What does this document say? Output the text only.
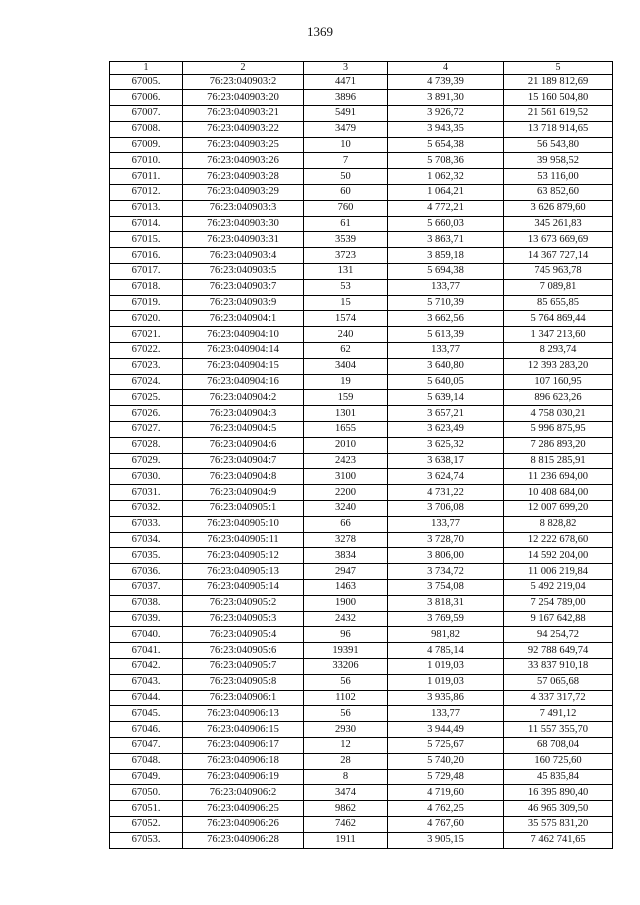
1369
1	2	3	4	5
67005.	76:23:040903:2	4471	4 739,39	21 189 812,69
67006.	76:23:040903:20	3896	3 891,30	15 160 504,80
67007.	76:23:040903:21	5491	3 926,72	21 561 619,52
67008.	76:23:040903:22	3479	3 943,35	13 718 914,65
67009.	76:23:040903:25	10	5 654,38	56 543,80
67010.	76:23:040903:26	7	5 708,36	39 958,52
67011.	76:23:040903:28	50	1 062,32	53 116,00
67012.	76:23:040903:29	60	1 064,21	63 852,60
67013.	76:23:040903:3	760	4 772,21	3 626 879,60
67014.	76:23:040903:30	61	5 660,03	345 261,83
67015.	76:23:040903:31	3539	3 863,71	13 673 669,69
67016.	76:23:040903:4	3723	3 859,18	14 367 727,14
67017.	76:23:040903:5	131	5 694,38	745 963,78
67018.	76:23:040903:7	53	133,77	7 089,81
67019.	76:23:040903:9	15	5 710,39	85 655,85
67020.	76:23:040904:1	1574	3 662,56	5 764 869,44
67021.	76:23:040904:10	240	5 613,39	1 347 213,60
67022.	76:23:040904:14	62	133,77	8 293,74
67023.	76:23:040904:15	3404	3 640,80	12 393 283,20
67024.	76:23:040904:16	19	5 640,05	107 160,95
67025.	76:23:040904:2	159	5 639,14	896 623,26
67026.	76:23:040904:3	1301	3 657,21	4 758 030,21
67027.	76:23:040904:5	1655	3 623,49	5 996 875,95
67028.	76:23:040904:6	2010	3 625,32	7 286 893,20
67029.	76:23:040904:7	2423	3 638,17	8 815 285,91
67030.	76:23:040904:8	3100	3 624,74	11 236 694,00
67031.	76:23:040904:9	2200	4 731,22	10 408 684,00
67032.	76:23:040905:1	3240	3 706,08	12 007 699,20
67033.	76:23:040905:10	66	133,77	8 828,82
67034.	76:23:040905:11	3278	3 728,70	12 222 678,60
67035.	76:23:040905:12	3834	3 806,00	14 592 204,00
67036.	76:23:040905:13	2947	3 734,72	11 006 219,84
67037.	76:23:040905:14	1463	3 754,08	5 492 219,04
67038.	76:23:040905:2	1900	3 818,31	7 254 789,00
67039.	76:23:040905:3	2432	3 769,59	9 167 642,88
67040.	76:23:040905:4	96	981,82	94 254,72
67041.	76:23:040905:6	19391	4 785,14	92 788 649,74
67042.	76:23:040905:7	33206	1 019,03	33 837 910,18
67043.	76:23:040905:8	56	1 019,03	57 065,68
67044.	76:23:040906:1	1102	3 935,86	4 337 317,72
67045.	76:23:040906:13	56	133,77	7 491,12
67046.	76:23:040906:15	2930	3 944,49	11 557 355,70
67047.	76:23:040906:17	12	5 725,67	68 708,04
67048.	76:23:040906:18	28	5 740,20	160 725,60
67049.	76:23:040906:19	8	5 729,48	45 835,84
67050.	76:23:040906:2	3474	4 719,60	16 395 890,40
67051.	76:23:040906:25	9862	4 762,25	46 965 309,50
67052.	76:23:040906:26	7462	4 767,60	35 575 831,20
67053.	76:23:040906:28	1911	3 905,15	7 462 741,65
